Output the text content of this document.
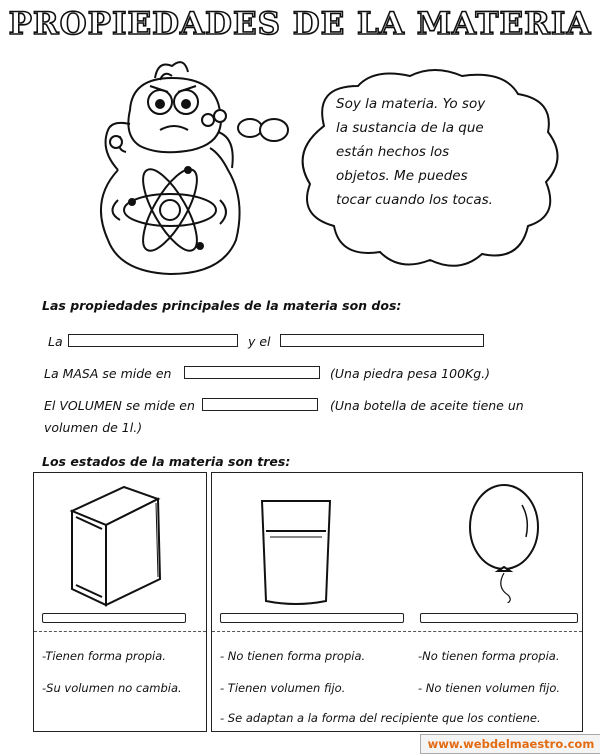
PROPIEDADES DE LA MATERIA
Soy la materia. Yo soy
la sustancia de la que
están hechos los
objetos. Me puedes
tocar cuando los tocas.
Las propiedades principales de la materia son dos:
La	y el
La MASA se mide en	(Una piedra pesa 100Kg.)
El VOLUMEN se mide en	(Una botella de aceite tiene un
volumen de 1l.)
Los estados de la materia son tres:
-Tienen forma propia.
-Su volumen no cambia.
- No tienen forma propia.
- Tienen volumen fijo.
- Se adaptan a la forma del recipiente que los contiene.
-No tienen forma propia.
- No tienen volumen fijo.
www.webdelmaestro.com
